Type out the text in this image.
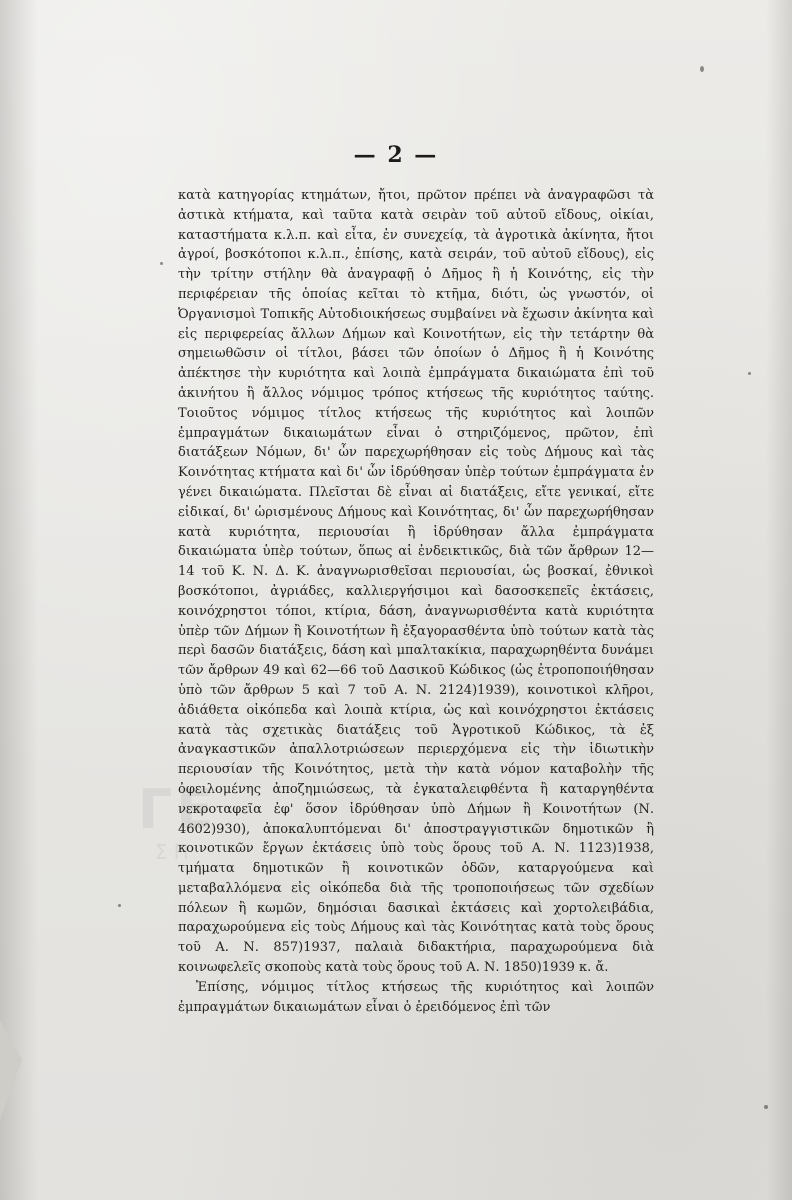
ΓΕ
ΣΠ
— 2 —

κατὰ κατηγορίας κτημάτων, ἤτοι, πρῶτον πρέπει νὰ ἀναγραφῶσι τὰ ἀστικὰ κτήματα, καὶ ταῦτα κατὰ σειρὰν τοῦ αὐτοῦ εἴδους, οἰκίαι, καταστήματα κ.λ.π. καὶ εἶτα, ἐν συνεχείᾳ, τὰ ἀγροτικὰ ἀκίνητα, ἤτοι ἀγροί, βοσκότοποι κ.λ.π., ἐπίσης, κατὰ σειράν, τοῦ αὐτοῦ εἴδους), εἰς τὴν τρίτην στήλην θὰ ἀναγραφῇ ὁ Δῆμος ἢ ἡ Κοινότης, εἰς τὴν περιφέρειαν τῆς ὁποίας κεῖται τὸ κτῆμα, διότι, ὡς γνωστόν, οἱ Ὀργανισμοὶ Τοπικῆς Αὐτοδιοικήσεως συμβαίνει νὰ ἔχωσιν ἀκίνητα καὶ εἰς περιφερείας ἄλλων Δήμων καὶ Κοινοτήτων, εἰς τὴν τετάρτην θὰ σημειωθῶσιν οἱ τίτλοι, βάσει τῶν ὁποίων ὁ Δῆμος ἢ ἡ Κοινότης ἀπέκτησε τὴν κυριότητα καὶ λοιπὰ ἐμπράγματα δικαιώματα ἐπὶ τοῦ ἀκινήτου ἢ ἄλλος νόμιμος τρόπος κτήσεως τῆς κυριότητος ταύτης. Τοιοῦτος νόμιμος τίτλος κτήσεως τῆς κυριότητος καὶ λοιπῶν ἐμπραγμάτων δικαιωμάτων εἶναι ὁ στηριζόμενος, πρῶτον, ἐπὶ διατάξεων Νόμων, δι' ὧν παρεχωρήθησαν εἰς τοὺς Δήμους καὶ τὰς Κοινότητας κτήματα καὶ δι' ὧν ἱδρύθησαν ὑπὲρ τούτων ἐμπράγματα ἐν γένει δικαιώματα. Πλεῖσται δὲ εἶναι αἱ διατάξεις, εἴτε γενικαί, εἴτε εἰδικαί, δι' ὡρισμένους Δήμους καὶ Κοινότητας, δι' ὧν παρεχωρήθησαν κατὰ κυριότητα, περιουσίαι ἢ ἱδρύθησαν ἄλλα ἐμπράγματα δικαιώματα ὑπὲρ τούτων, ὅπως αἱ ἐνδεικτικῶς, διὰ τῶν ἄρθρων 12—14 τοῦ Κ. Ν. Δ. Κ. ἀναγνωρισθεῖσαι περιουσίαι, ὡς βοσκαί, ἐθνικοὶ βοσκότοποι, ἀγριάδες, καλλιεργήσιμοι καὶ δασοσκεπεῖς ἐκτάσεις, κοινόχρηστοι τόποι, κτίρια, δάση, ἀναγνωρισθέντα κατὰ κυριότητα ὑπὲρ τῶν Δήμων ἢ Κοινοτήτων ἢ ἐξαγορασθέντα ὑπὸ τούτων κατὰ τὰς περὶ δασῶν διατάξεις, δάση καὶ μπαλτακίκια, παραχωρηθέντα δυνάμει τῶν ἄρθρων 49 καὶ 62—66 τοῦ Δασικοῦ Κώδικος (ὡς ἐτροποποιήθησαν ὑπὸ τῶν ἄρθρων 5 καὶ 7 τοῦ Α. Ν. 2124)1939), κοινοτικοὶ κλῆροι, ἀδιάθετα οἰκόπεδα καὶ λοιπὰ κτίρια, ὡς καὶ κοινόχρηστοι ἐκτάσεις κατὰ τὰς σχετικὰς διατάξεις τοῦ Ἀγροτικοῦ Κώδικος, τὰ ἐξ ἀναγκαστικῶν ἀπαλλοτριώσεων περιερχόμενα εἰς τὴν ἰδιωτικὴν περιουσίαν τῆς Κοινότητος, μετὰ τὴν κατὰ νόμον καταβολὴν τῆς ὀφειλομένης ἀποζημιώσεως, τὰ ἐγκαταλειφθέντα ἢ καταργηθέντα νεκροταφεῖα ἐφ' ὅσον ἱδρύθησαν ὑπὸ Δήμων ἢ Κοινοτήτων (Ν. 4602)930), ἀποκαλυπτόμεναι δι' ἀποστραγγιστικῶν δημοτικῶν ἢ κοινοτικῶν ἔργων ἐκτάσεις ὑπὸ τοὺς ὅρους τοῦ Α. Ν. 1123)1938, τμήματα δημοτικῶν ἢ κοινοτικῶν ὁδῶν, καταργούμενα καὶ μεταβαλλόμενα εἰς οἰκόπεδα διὰ τῆς τροποποιήσεως τῶν σχεδίων πόλεων ἢ κωμῶν, δημόσιαι δασικαὶ ἐκτάσεις καὶ χορτολειβάδια, παραχωρούμενα εἰς τοὺς Δήμους καὶ τὰς Κοινότητας κατὰ τοὺς ὅρους τοῦ Α. Ν. 857)1937, παλαιὰ διδακτήρια, παραχωρούμενα διὰ κοινωφελεῖς σκοποὺς κατὰ τοὺς ὅρους τοῦ Α. Ν. 1850)1939 κ. ἄ.

Ἐπίσης, νόμιμος τίτλος κτήσεως τῆς κυριότητος καὶ λοιπῶν ἐμπραγμάτων δικαιωμάτων εἶναι ὁ ἐρειδόμενος ἐπὶ τῶν
